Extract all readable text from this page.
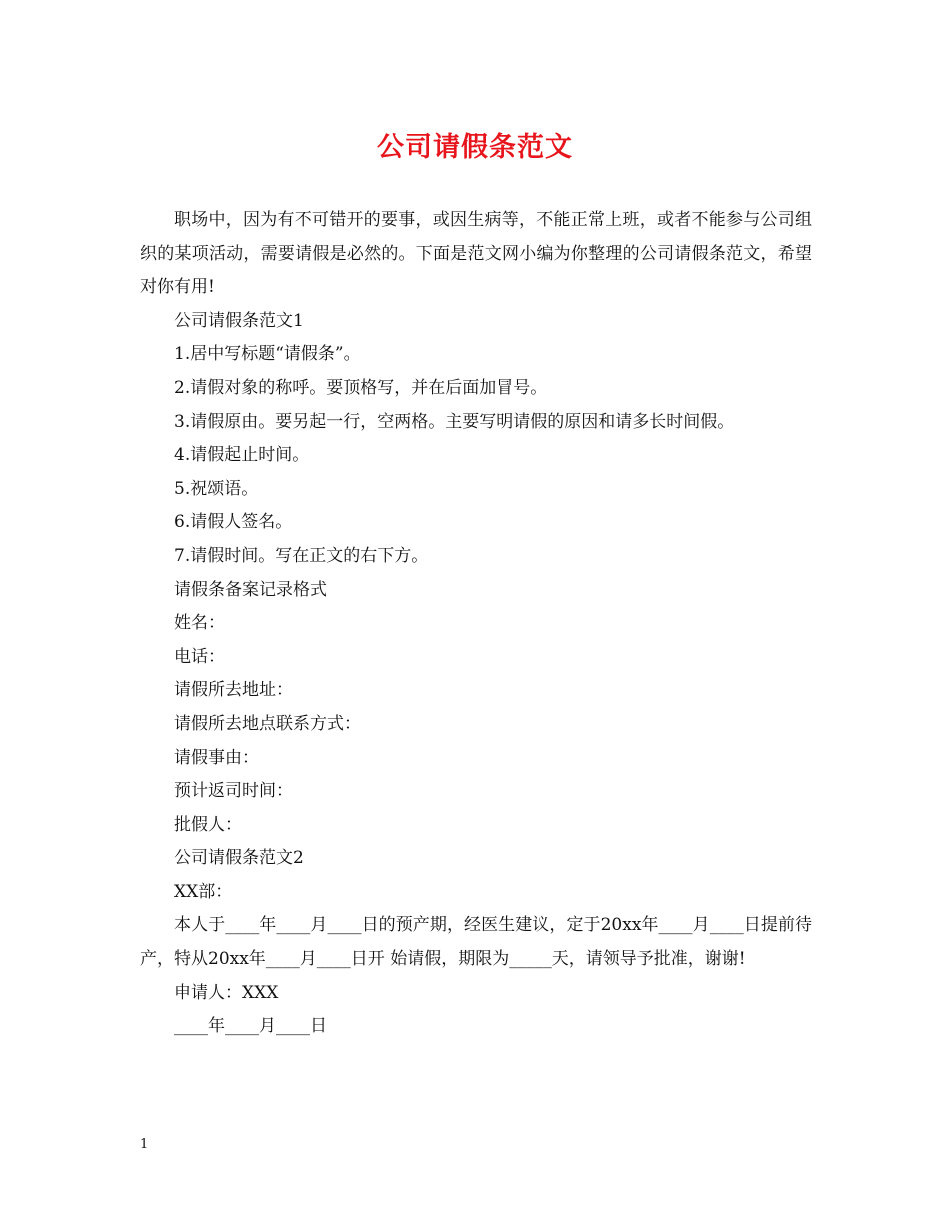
公司请假条范文

职场中，因为有不可错开的要事，或因生病等，不能正常上班，或者不能参与公司组织的某项活动，需要请假是必然的。下面是范文网小编为你整理的公司请假条范文，希望对你有用!

公司请假条范文1

1.居中写标题“请假条”。

2.请假对象的称呼。要顶格写，并在后面加冒号。

3.请假原由。要另起一行，空两格。主要写明请假的原因和请多长时间假。

4.请假起止时间。

5.祝颂语。

6.请假人签名。

7.请假时间。写在正文的右下方。

请假条备案记录格式

姓名：

电话：

请假所去地址：

请假所去地点联系方式：

请假事由：

预计返司时间：

批假人：

公司请假条范文2

XX部：

本人于____年____月____日的预产期，经医生建议，定于20xx年____月____日提前待产，特从20xx年____月____日开 始请假，期限为_____天，请领导予批准，谢谢!

申请人：XXX

____年____月____日

1
